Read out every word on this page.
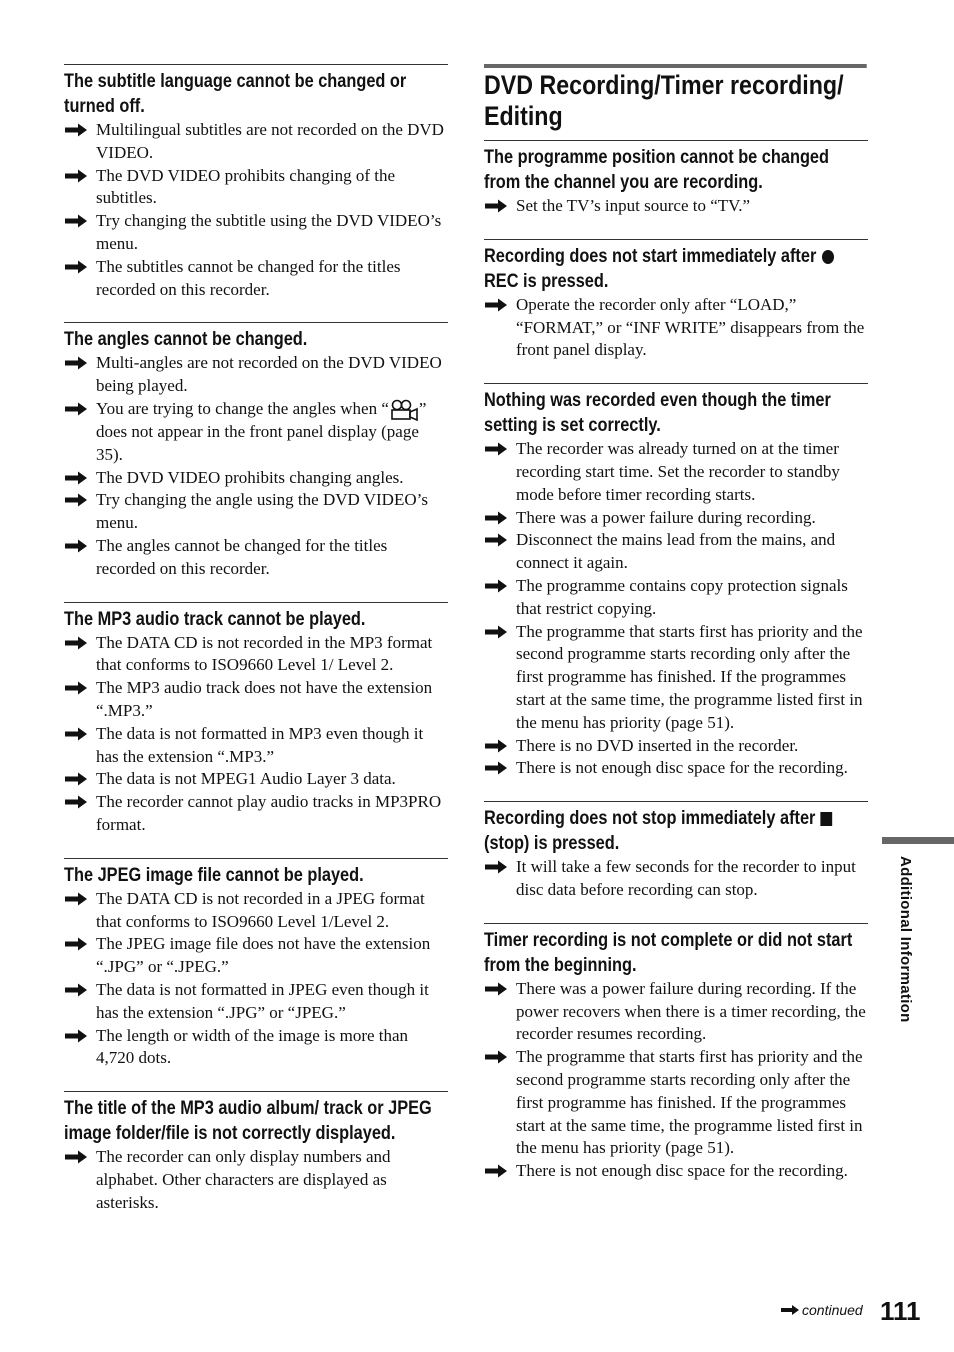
The subtitle language cannot be changed or turned off.
Multilingual subtitles are not recorded on the DVD VIDEO.
The DVD VIDEO prohibits changing of the subtitles.
Try changing the subtitle using the DVD VIDEO’s menu.
The subtitles cannot be changed for the titles recorded on this recorder.
The angles cannot be changed.
Multi-angles are not recorded on the DVD VIDEO being played.
You are trying to change the angles when “ ” does not appear in the front panel display (page 35).
The DVD VIDEO prohibits changing angles.
Try changing the angle using the DVD VIDEO’s menu.
The angles cannot be changed for the titles recorded on this recorder.
The MP3 audio track cannot be played.
The DATA CD is not recorded in the MP3 format that conforms to ISO9660 Level 1/ Level 2.
The MP3 audio track does not have the extension “.MP3.”
The data is not formatted in MP3 even though it has the extension “.MP3.”
The data is not MPEG1 Audio Layer 3 data.
The recorder cannot play audio tracks in MP3PRO format.
The JPEG image file cannot be played.
The DATA CD is not recorded in a JPEG format that conforms to ISO9660 Level 1/Level 2.
The JPEG image file does not have the extension “.JPG” or “.JPEG.”
The data is not formatted in JPEG even though it has the extension “.JPG” or “JPEG.”
The length or width of the image is more than 4,720 dots.
The title of the MP3 audio album/ track or JPEG image folder/file is not correctly displayed.
The recorder can only display numbers and alphabet. Other characters are displayed as asterisks.
DVD Recording/Timer recording/ Editing
The programme position cannot be changed from the channel you are recording.
Set the TV’s input source to “TV.”
Recording does not start immediately after  REC is pressed.
Operate the recorder only after “LOAD,” “FORMAT,” or “INF WRITE” disappears from the front panel display.
Nothing was recorded even though the timer setting is set correctly.
The recorder was already turned on at the timer recording start time. Set the recorder to standby mode before timer recording starts.
There was a power failure during recording.
Disconnect the mains lead from the mains, and connect it again.
The programme contains copy protection signals that restrict copying.
The programme that starts first has priority and the second programme starts recording only after the first programme has finished. If the programmes start at the same time, the programme listed first in the menu has priority (page 51).
There is no DVD inserted in the recorder.
There is not enough disc space for the recording.
Recording does not stop immediately after  (stop) is pressed.
It will take a few seconds for the recorder to input disc data before recording can stop.
Timer recording is not complete or did not start from the beginning.
There was a power failure during recording. If the power recovers when there is a timer recording, the recorder resumes recording.
The programme that starts first has priority and the second programme starts recording only after the first programme has finished. If the programmes start at the same time, the programme listed first in the menu has priority (page 51).
There is not enough disc space for the recording.
Additional Information
continued 111
